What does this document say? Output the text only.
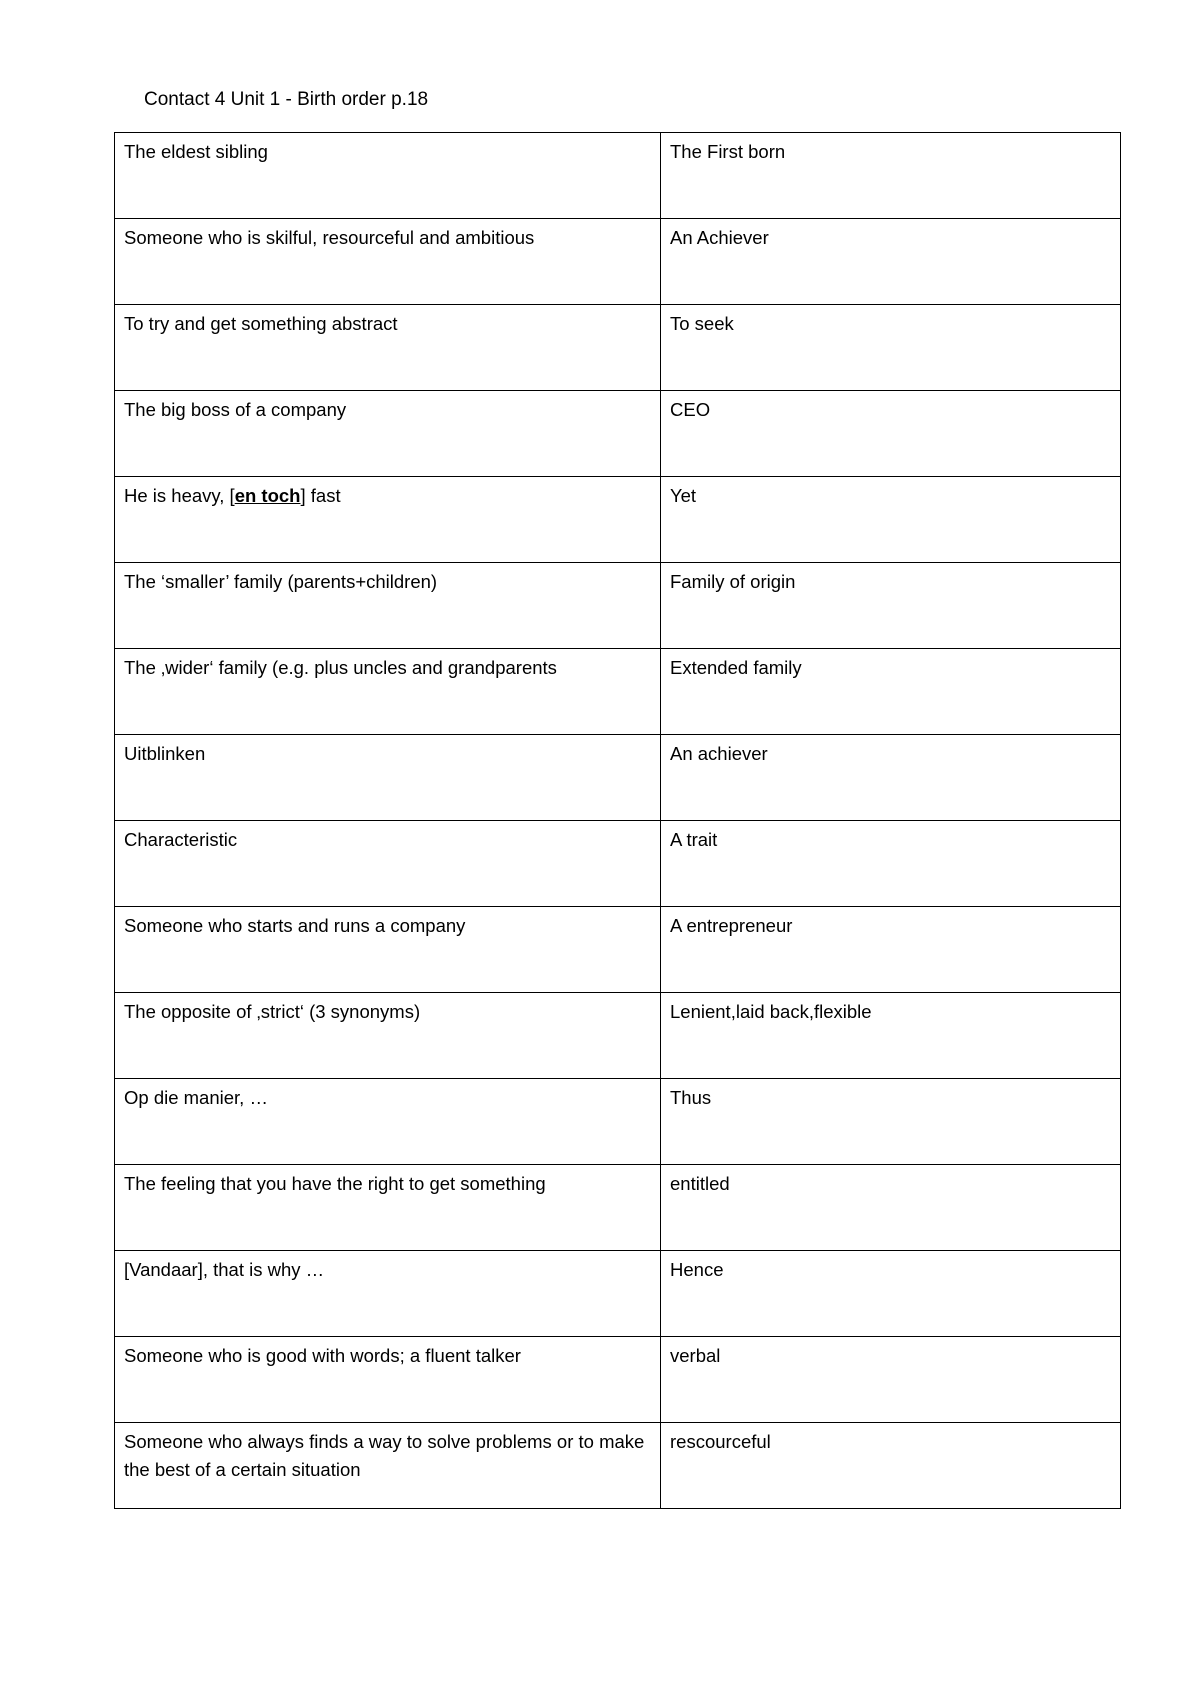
Contact 4 Unit 1 - Birth order p.18
The eldest sibling	The First born
Someone who is skilful, resourceful and ambitious	An Achiever
To try and get something abstract	To seek
The big boss of a company	CEO
He is heavy, [en toch] fast	Yet
The ‘smaller’ family (parents+children)	Family of origin
The ‚wider‘ family (e.g. plus uncles and grandparents	Extended family
Uitblinken	An achiever
Characteristic	A trait
Someone who starts and runs a company	A entrepreneur
The opposite of ‚strict‘ (3 synonyms)	Lenient,laid back,flexible
Op die manier, …	Thus
The feeling that you have the right to get something	entitled
[Vandaar], that is why …	Hence
Someone who is good with words; a fluent talker	verbal
Someone who always finds a way to solve problems or to make the best of a certain situation	rescourceful
